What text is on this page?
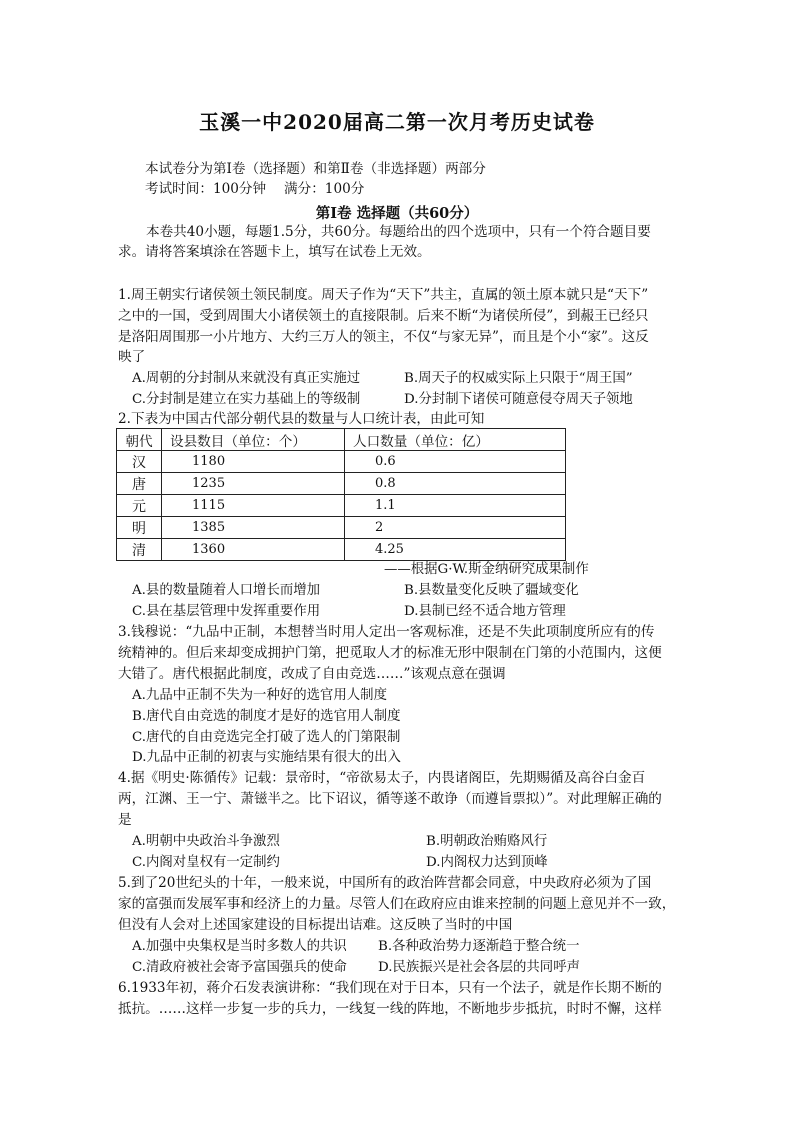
玉溪一中2020届高二第一次月考历史试卷
本试卷分为第Ⅰ卷（选择题）和第Ⅱ卷（非选择题）两部分
考试时间：100分钟　 满分：100分
第Ⅰ卷 选择题（共60分）
本卷共40小题，每题1.5分，共60分。每题给出的四个选项中，只有一个符合题目要
求。请将答案填涂在答题卡上，填写在试卷上无效。
1.周王朝实行诸侯领土领民制度。周天子作为“天下”共主，直属的领土原本就只是“天下”
之中的一国，受到周围大小诸侯领土的直接限制。后来不断“为诸侯所侵”，到赧王已经只
是洛阳周围那一小片地方、大约三万人的领主，不仅“与家无异”，而且是个小“家”。这反
映了
A.周朝的分封制从来就没有真正实施过	B.周天子的权威实际上只限于“周王国”
C.分封制是建立在实力基础上的等级制	D.分封制下诸侯可随意侵夺周天子领地
2.下表为中国古代部分朝代县的数量与人口统计表，由此可知
朝代	设县数目（单位：个）	人口数量（单位：亿）
汉	1180	0.6
唐	1235	0.8
元	1115	1.1
明	1385	2
清	1360	4.25
——根据G·W.斯金纳研究成果制作
A.县的数量随着人口增长而增加	B.县数量变化反映了疆域变化
C.县在基层管理中发挥重要作用	D.县制已经不适合地方管理
3.钱穆说：“九品中正制，本想替当时用人定出一客观标准，还是不失此项制度所应有的传
统精神的。但后来却变成拥护门第，把觅取人才的标准无形中限制在门第的小范围内，这便
大错了。唐代根据此制度，改成了自由竞选……”该观点意在强调
A.九品中正制不失为一种好的选官用人制度
B.唐代自由竞选的制度才是好的选官用人制度
C.唐代的自由竞选完全打破了选人的门第限制
D.九品中正制的初衷与实施结果有很大的出入
4.据《明史·陈循传》记载：景帝时，“帝欲易太子，内畏诸阁臣，先期赐循及高谷白金百
两，江渊、王一宁、萧镃半之。比下诏议，循等遂不敢诤（而遵旨票拟）”。对此理解正确的
是
A.明朝中央政治斗争激烈	B.明朝政治贿赂风行
C.内阁对皇权有一定制约	D.内阁权力达到顶峰
5.到了20世纪头的十年，一般来说，中国所有的政治阵营都会同意，中央政府必须为了国
家的富强而发展军事和经济上的力量。尽管人们在政府应由谁来控制的问题上意见并不一致，
但没有人会对上述国家建设的目标提出诘难。这反映了当时的中国
A.加强中央集权是当时多数人的共识 B.各种政治势力逐渐趋于整合统一
C.清政府被社会寄予富国强兵的使命 D.民族振兴是社会各层的共同呼声
6.1933年初，蒋介石发表演讲称：“我们现在对于日本，只有一个法子，就是作长期不断的
抵抗。……这样一步复一步的兵力，一线复一线的阵地，不断地步步抵抗，时时不懈，这样
